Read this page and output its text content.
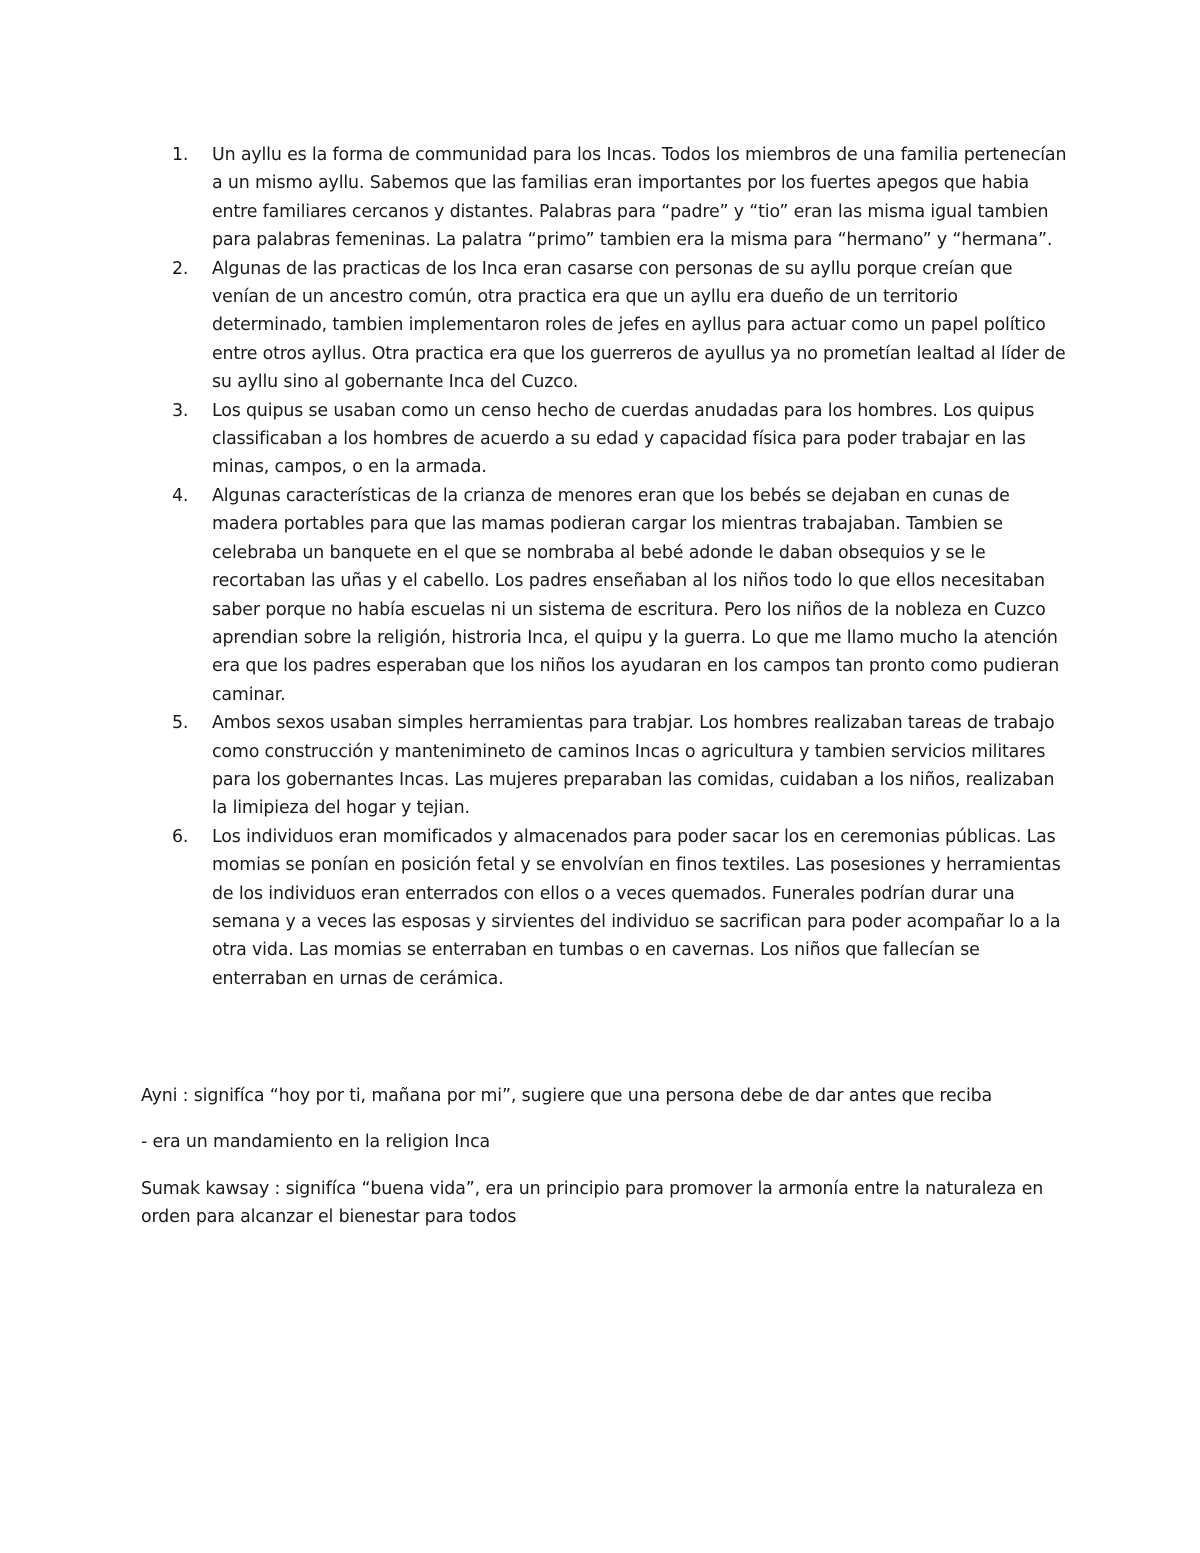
1.	Un ayllu es la forma de communidad para los Incas. Todos los miembros de una familia pertenecían a un mismo ayllu. Sabemos que las familias eran importantes por los fuertes apegos que habia entre familiares cercanos y distantes. Palabras para “padre” y “tio” eran las misma igual tambien para palabras femeninas. La palatra “primo” tambien era la misma para “hermano” y “hermana”.
2.	Algunas de las practicas de los Inca eran casarse con personas de su ayllu porque creían que venían de un ancestro común, otra practica era que un ayllu era dueño de un territorio determinado, tambien implementaron roles de jefes en ayllus para actuar como un papel político entre otros ayllus. Otra practica era que los guerreros de ayullus ya no prometían lealtad al líder de su ayllu sino al gobernante Inca del Cuzco.
3.	Los quipus se usaban como un censo hecho de cuerdas anudadas para los hombres. Los quipus classificaban a los hombres de acuerdo a su edad y capacidad física para poder trabajar en las minas, campos, o en la armada.
4.	Algunas características de la crianza de menores eran que los bebés se dejaban en cunas de madera portables para que las mamas podieran cargar los mientras trabajaban. Tambien se celebraba un banquete en el que se nombraba al bebé adonde le daban obsequios y se le recortaban las uñas y el cabello. Los padres enseñaban al los niños todo lo que ellos necesitaban saber porque no había escuelas ni un sistema de escritura. Pero los niños de la nobleza en Cuzco aprendian sobre la religión, histroria Inca, el quipu y la guerra. Lo que me llamo mucho la atención era que los padres esperaban que los niños los ayudaran en los campos tan pronto como pudieran caminar.
5.	Ambos sexos usaban simples herramientas para trabjar. Los hombres realizaban tareas de trabajo como construcción y mantenimineto de caminos Incas o agricultura y tambien servicios militares para los gobernantes Incas. Las mujeres preparaban las comidas, cuidaban a los niños, realizaban la limipieza del hogar y tejian.
6.	Los individuos eran momificados y almacenados para poder sacar los en ceremonias públicas. Las momias se ponían en posición fetal y se envolvían en finos textiles. Las posesiones y herramientas de los individuos eran enterrados con ellos o a veces quemados. Funerales podrían durar una semana y a veces las esposas y sirvientes del individuo se sacrifican para poder acompañar lo a la otra vida. Las momias se enterraban en tumbas o en cavernas. Los niños que fallecían se enterraban en urnas de cerámica.

Ayni : signifíca “hoy por ti, mañana por mi”, sugiere que una persona debe de dar antes que reciba

- era un mandamiento en la religion Inca

Sumak kawsay : signifíca “buena vida”, era un principio para promover la armonía entre la naturaleza en orden para alcanzar el bienestar para todos
